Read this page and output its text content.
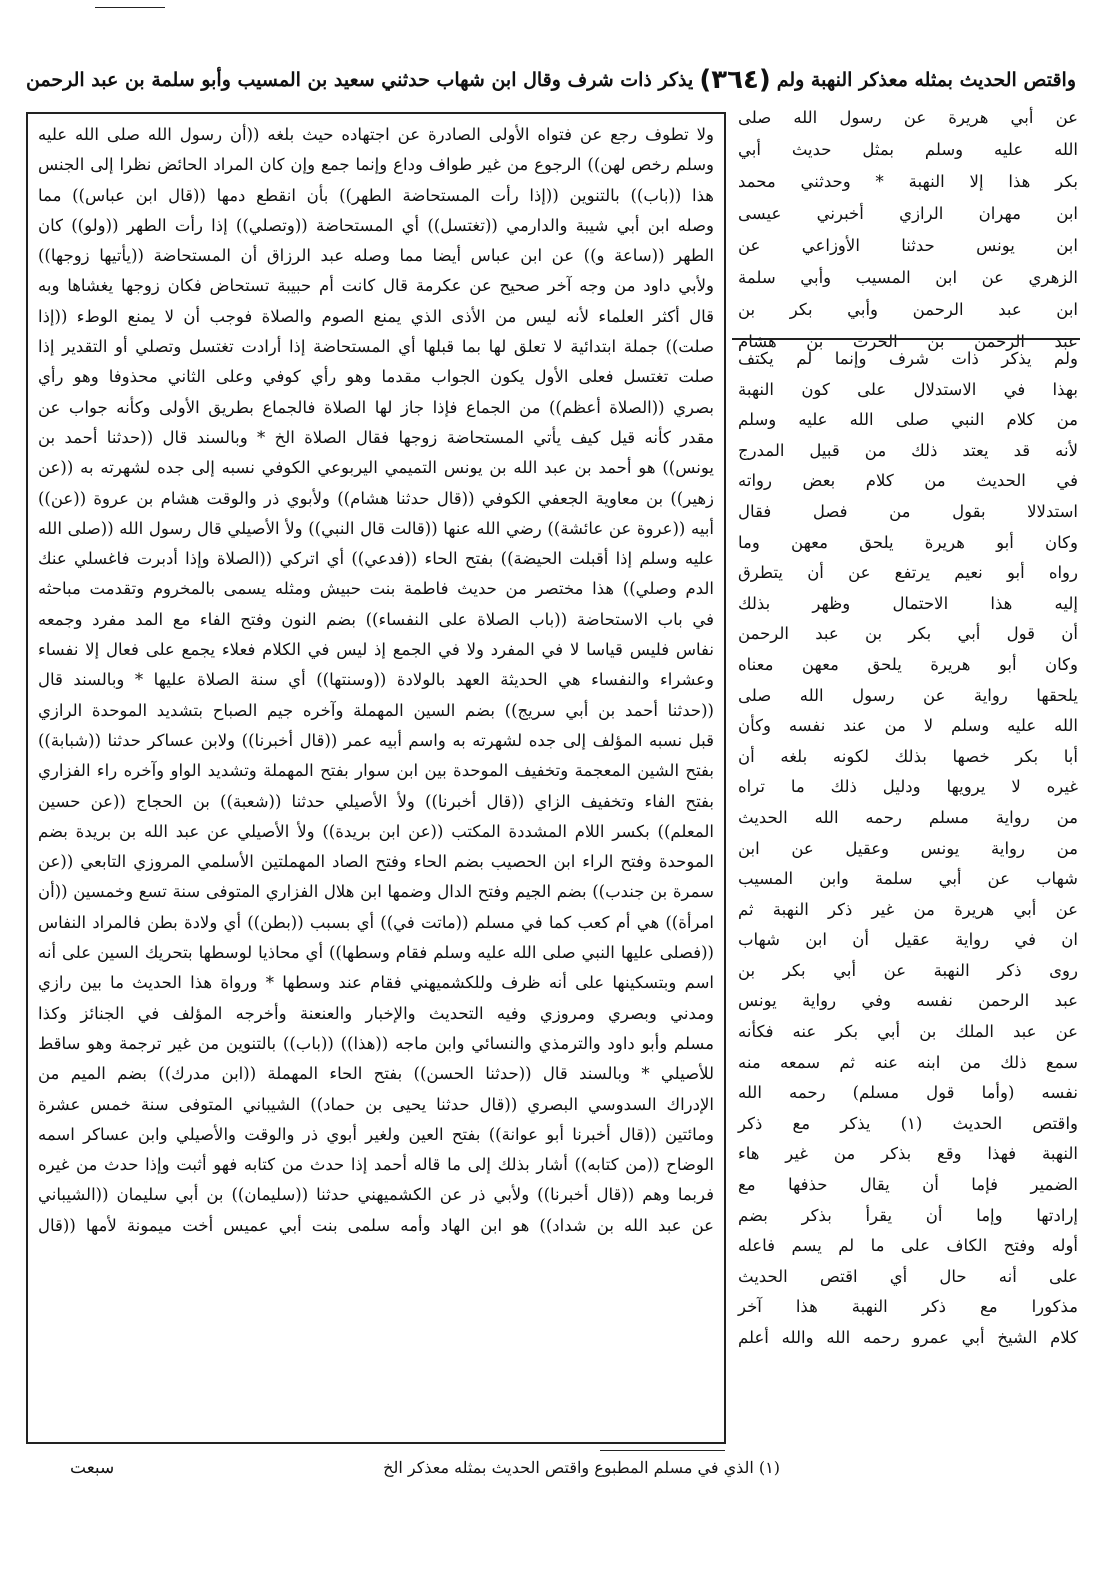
واقتص الحديث بمثله معذكر النهبة ولم
(٣٦٤)
يذكر ذات شرف وقال ابن شهاب حدثني سعيد بن المسيب وأبو سلمة بن عبد الرحمن
عن أبي هريرة عن رسول الله صلى
الله عليه وسلم بمثل حديث أبي
بكر هذا إلا النهبة * وحدثني محمد
ابن مهران الرازي أخبرني عيسى
ابن يونس حدثنا الأوزاعي عن
الزهري عن ابن المسيب وأبي سلمة
ابن عبد الرحمن وأبي بكر بن
عبد الرحمن بن الحرث بن هشام
ولم يذكر ذات شرف وإنما لم يكتف
بهذا في الاستدلال على كون النهبة
من كلام النبي صلى الله عليه وسلم
لأنه قد يعتد ذلك من قبيل المدرج
في الحديث من كلام بعض رواته
استدلالا بقول من فصل فقال
وكان أبو هريرة يلحق معهن وما
رواه أبو نعيم يرتفع عن أن يتطرق
إليه هذا الاحتمال وظهر بذلك
أن قول أبي بكر بن عبد الرحمن
وكان أبو هريرة يلحق معهن معناه
يلحقها رواية عن رسول الله صلى
الله عليه وسلم لا من عند نفسه وكأن
أبا بكر خصها بذلك لكونه بلغه أن
غيره لا يرويها ودليل ذلك ما تراه
من رواية مسلم رحمه الله الحديث
من رواية يونس وعقيل عن ابن
شهاب عن أبي سلمة وابن المسيب
عن أبي هريرة من غير ذكر النهبة ثم
ان في رواية عقيل أن ابن شهاب
روى ذكر النهبة عن أبي بكر بن
عبد الرحمن نفسه وفي رواية يونس
عن عبد الملك بن أبي بكر عنه فكأنه
سمع ذلك من ابنه عنه ثم سمعه منه
نفسه (وأما قول مسلم) رحمه الله
واقتص الحديث (١) يذكر مع ذكر
النهبة فهذا وقع بذكر من غير هاء
الضمير فإما أن يقال حذفها مع
إرادتها وإما أن يقرأ بذكر بضم
أوله وفتح الكاف على ما لم يسم فاعله
على أنه حال أي اقتص الحديث
مذكورا مع ذكر النهبة هذا آخر
كلام الشيخ أبي عمرو رحمه الله والله أعلم
ولا تطوف رجع عن فتواه الأولى الصادرة عن اجتهاده حيث بلغه ((أن رسول الله صلى الله عليه
وسلم رخص لهن)) الرجوع من غير طواف وداع وإنما جمع وإن كان المراد الحائض نظرا إلى الجنس
هذا ((باب)) بالتنوين ((إذا رأت المستحاضة الطهر)) بأن انقطع دمها ((قال ابن عباس)) مما
وصله ابن أبي شيبة والدارمي ((تغتسل)) أي المستحاضة ((وتصلي)) إذا رأت الطهر ((ولو)) كان
الطهر ((ساعة و)) عن ابن عباس أيضا مما وصله عبد الرزاق أن المستحاضة ((يأتيها زوجها))
ولأبي داود من وجه آخر صحيح عن عكرمة قال كانت أم حبيبة تستحاض فكان زوجها يغشاها وبه
قال أكثر العلماء لأنه ليس من الأذى الذي يمنع الصوم والصلاة فوجب أن لا يمنع الوطء ((إذا
صلت)) جملة ابتدائية لا تعلق لها بما قبلها أي المستحاضة إذا أرادت تغتسل وتصلي أو التقدير إذا
صلت تغتسل فعلى الأول يكون الجواب مقدما وهو رأي كوفي وعلى الثاني محذوفا وهو رأي
بصري ((الصلاة أعظم)) من الجماع فإذا جاز لها الصلاة فالجماع بطريق الأولى وكأنه جواب عن
مقدر كأنه قيل كيف يأتي المستحاضة زوجها فقال الصلاة الخ * وبالسند قال ((حدثنا أحمد بن
يونس)) هو أحمد بن عبد الله بن يونس التميمي اليربوعي الكوفي نسبه إلى جده لشهرته به ((عن
زهير)) بن معاوية الجعفي الكوفي ((قال حدثنا هشام)) ولأبوي ذر والوقت هشام بن عروة ((عن))
أبيه ((عروة عن عائشة)) رضي الله عنها ((قالت قال النبي)) ولأ الأصيلي قال رسول الله ((صلى الله
عليه وسلم إذا أقبلت الحيضة)) بفتح الحاء ((فدعي)) أي اتركي ((الصلاة وإذا أدبرت فاغسلي عنك
الدم وصلي)) هذا مختصر من حديث فاطمة بنت حبيش ومثله يسمى بالمخروم وتقدمت مباحثه
في باب الاستحاضة ((باب الصلاة على النفساء)) بضم النون وفتح الفاء مع المد مفرد وجمعه
نفاس فليس قياسا لا في المفرد ولا في الجمع إذ ليس في الكلام فعلاء يجمع على فعال إلا نفساء
وعشراء والنفساء هي الحديثة العهد بالولادة ((وسنتها)) أي سنة الصلاة عليها * وبالسند قال
((حدثنا أحمد بن أبي سريج)) بضم السين المهملة وآخره جيم الصباح بتشديد الموحدة الرازي
قبل نسبه المؤلف إلى جده لشهرته به واسم أبيه عمر ((قال أخبرنا)) ولابن عساكر حدثنا ((شبابة))
بفتح الشين المعجمة وتخفيف الموحدة بين ابن سوار بفتح المهملة وتشديد الواو وآخره راء الفزاري
بفتح الفاء وتخفيف الزاي ((قال أخبرنا)) ولأ الأصيلي حدثنا ((شعبة)) بن الحجاج ((عن حسين
المعلم)) بكسر اللام المشددة المكتب ((عن ابن بريدة)) ولأ الأصيلي عن عبد الله بن بريدة بضم
الموحدة وفتح الراء ابن الحصيب بضم الحاء وفتح الصاد المهملتين الأسلمي المروزي التابعي ((عن
سمرة بن جندب)) بضم الجيم وفتح الدال وضمها ابن هلال الفزاري المتوفى سنة تسع وخمسين ((أن
امرأة)) هي أم كعب كما في مسلم ((ماتت في)) أي بسبب ((بطن)) أي ولادة بطن فالمراد النفاس
((فصلى عليها النبي صلى الله عليه وسلم فقام وسطها)) أي محاذيا لوسطها بتحريك السين على أنه
اسم وبتسكينها على أنه ظرف وللكشميهني فقام عند وسطها * ورواة هذا الحديث ما بين رازي
ومدني وبصري ومروزي وفيه التحديث والإخبار والعنعنة وأخرجه المؤلف في الجنائز وكذا
مسلم وأبو داود والترمذي والنسائي وابن ماجه ((هذا)) ((باب)) بالتنوين من غير ترجمة وهو ساقط
للأصيلي * وبالسند قال ((حدثنا الحسن)) بفتح الحاء المهملة ((ابن مدرك)) بضم الميم من
الإدراك السدوسي البصري ((قال حدثنا يحيى بن حماد)) الشيباني المتوفى سنة خمس عشرة
ومائتين ((قال أخبرنا أبو عوانة)) بفتح العين ولغير أبوي ذر والوقت والأصيلي وابن عساكر اسمه
الوضاح ((من كتابه)) أشار بذلك إلى ما قاله أحمد إذا حدث من كتابه فهو أثبت وإذا حدث من غيره
فربما وهم ((قال أخبرنا)) ولأبي ذر عن الكشميهني حدثنا ((سليمان)) بن أبي سليمان ((الشيباني
عن عبد الله بن شداد)) هو ابن الهاد وأمه سلمى بنت أبي عميس أخت ميمونة لأمها ((قال
(١) الذي في مسلم المطبوع واقتص الحديث بمثله معذكر الخ
سبعت
